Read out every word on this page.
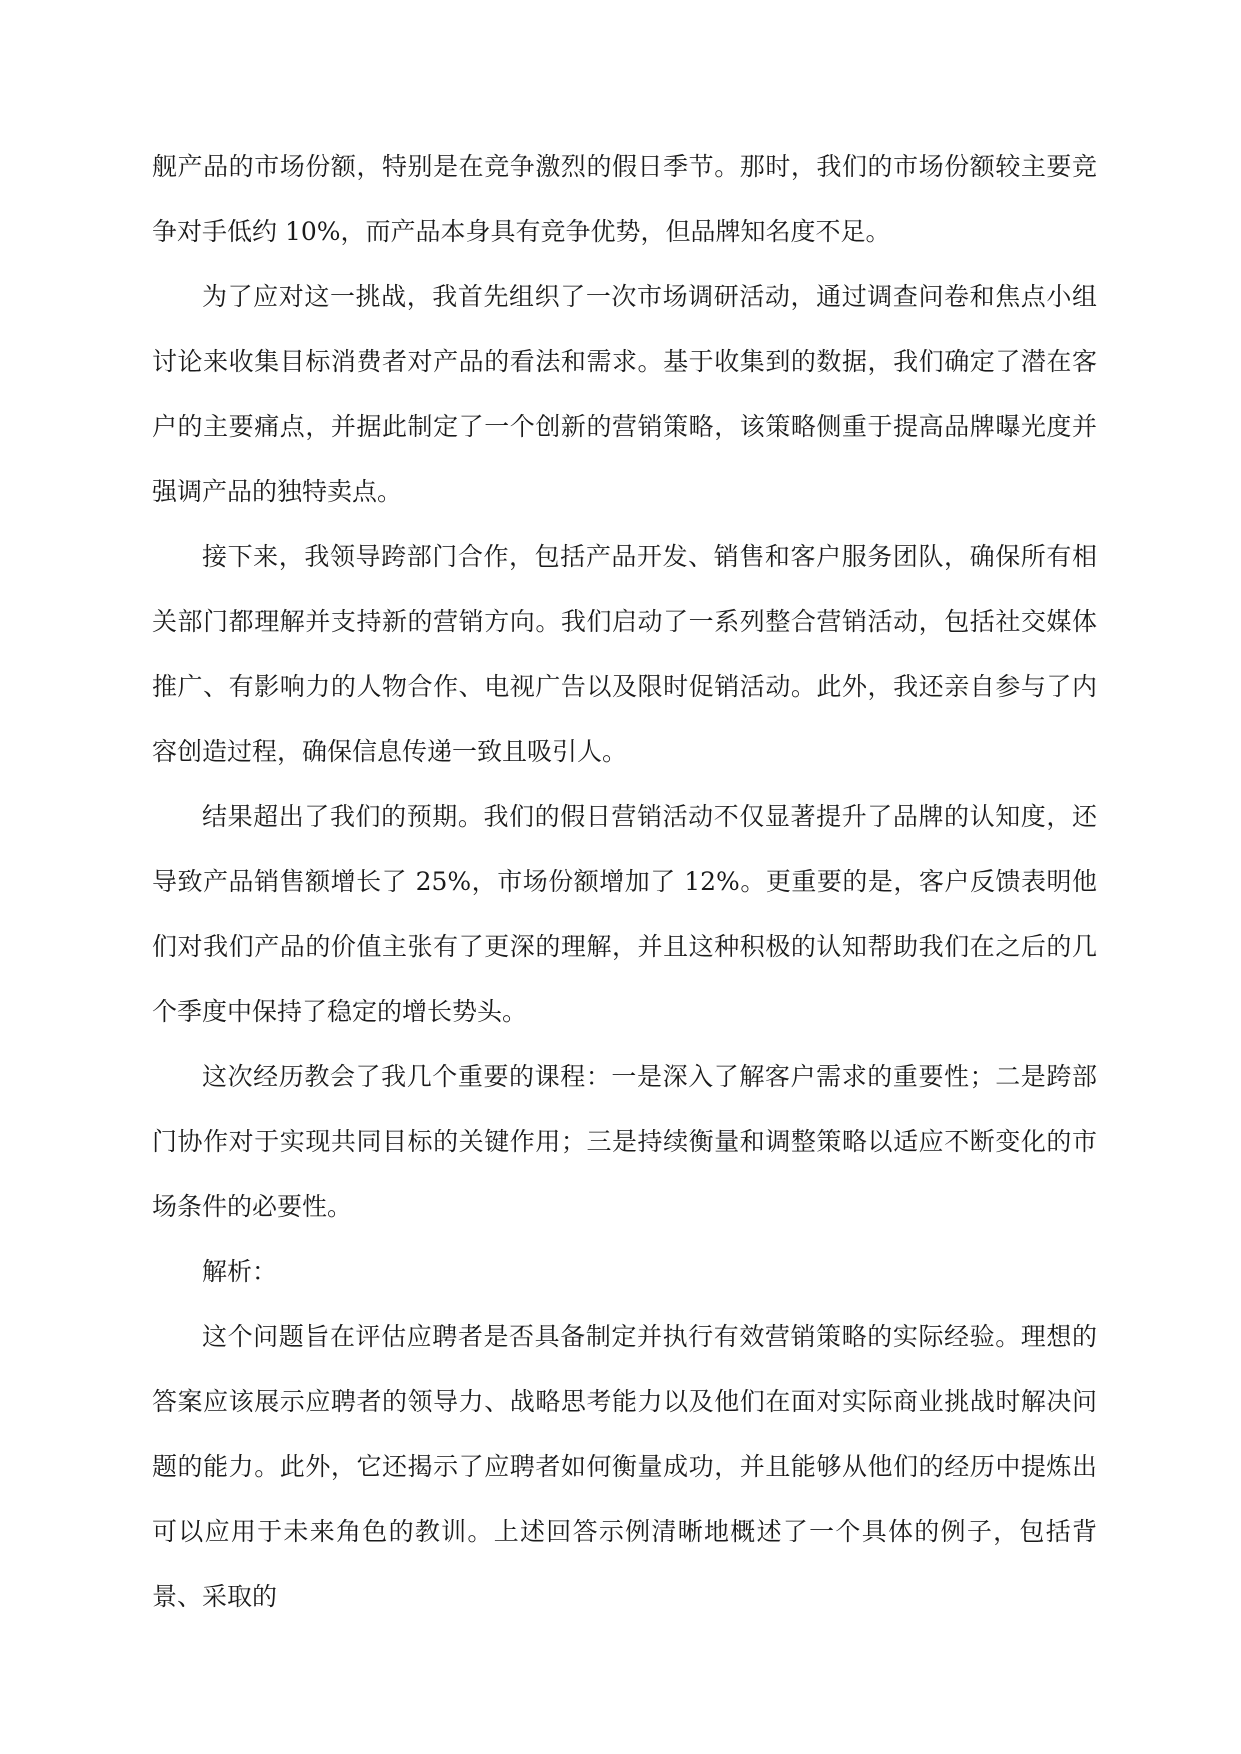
舰产品的市场份额，特别是在竞争激烈的假日季节。那时，我们的市场份额较主要竞争对手低约 10%，而产品本身具有竞争优势，但品牌知名度不足。

为了应对这一挑战，我首先组织了一次市场调研活动，通过调查问卷和焦点小组讨论来收集目标消费者对产品的看法和需求。基于收集到的数据，我们确定了潜在客户的主要痛点，并据此制定了一个创新的营销策略，该策略侧重于提高品牌曝光度并强调产品的独特卖点。

接下来，我领导跨部门合作，包括产品开发、销售和客户服务团队，确保所有相关部门都理解并支持新的营销方向。我们启动了一系列整合营销活动，包括社交媒体推广、有影响力的人物合作、电视广告以及限时促销活动。此外，我还亲自参与了内容创造过程，确保信息传递一致且吸引人。

结果超出了我们的预期。我们的假日营销活动不仅显著提升了品牌的认知度，还导致产品销售额增长了 25%，市场份额增加了 12%。更重要的是，客户反馈表明他们对我们产品的价值主张有了更深的理解，并且这种积极的认知帮助我们在之后的几个季度中保持了稳定的增长势头。

这次经历教会了我几个重要的课程：一是深入了解客户需求的重要性；二是跨部门协作对于实现共同目标的关键作用；三是持续衡量和调整策略以适应不断变化的市场条件的必要性。

解析：

这个问题旨在评估应聘者是否具备制定并执行有效营销策略的实际经验。理想的答案应该展示应聘者的领导力、战略思考能力以及他们在面对实际商业挑战时解决问题的能力。此外，它还揭示了应聘者如何衡量成功，并且能够从他们的经历中提炼出可以应用于未来角色的教训。上述回答示例清晰地概述了一个具体的例子，包括背景、采取的
